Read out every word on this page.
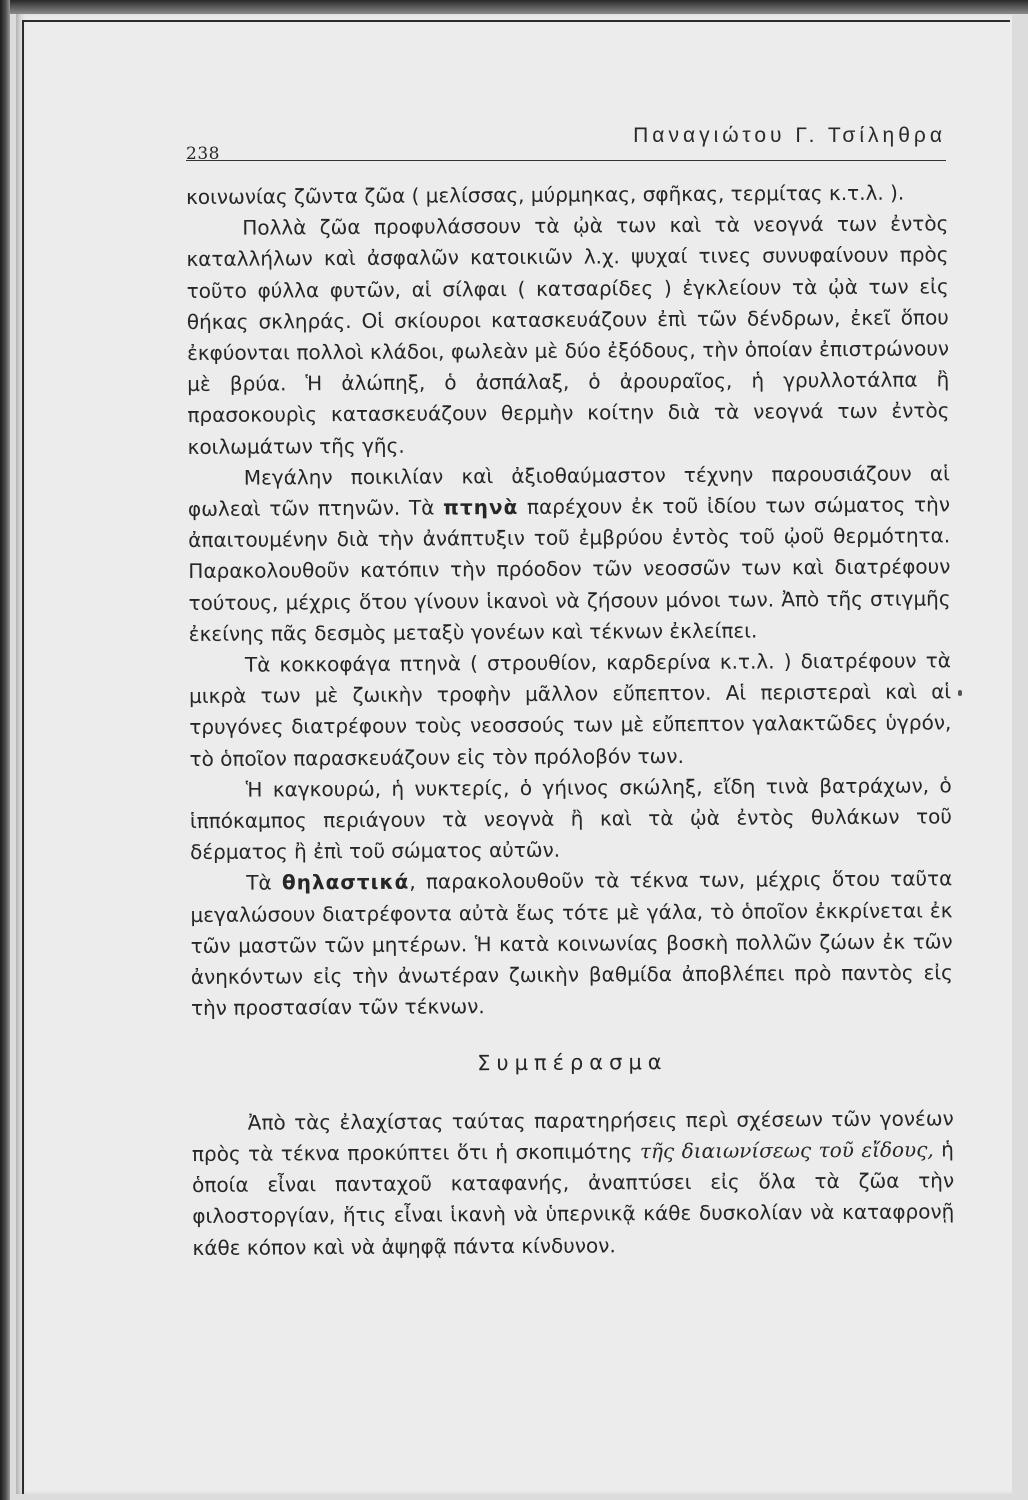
238
Παναγιώτου Γ. Τσίληθρα

κοινωνίας ζῶντα ζῶα ( μελίσσας, μύρμηκας, σφῆκας, τερμίτας κ.τ.λ. ).

Πολλὰ ζῶα προφυλάσσουν τὰ ᾠὰ των καὶ τὰ νεογνά των ἐντὸς καταλλήλων καὶ ἀσφαλῶν κατοικιῶν λ.χ. ψυχαί τινες συνυφαίνουν πρὸς τοῦτο φύλλα φυτῶν, αἱ σίλφαι ( κατσαρίδες ) ἐγκλείουν τὰ ᾠὰ των εἰς θήκας σκληράς. Οἱ σκίουροι κατασκευάζουν ἐπὶ τῶν δένδρων, ἐκεῖ ὅπου ἐκφύονται πολλοὶ κλάδοι, φωλεὰν μὲ δύο ἐξόδους, τὴν ὁποίαν ἐπιστρώνουν μὲ βρύα. Ἡ ἀλώπηξ, ὁ ἀσπάλαξ, ὁ ἀρουραῖος, ἡ γρυλλοτάλπα ἢ πρασοκουρὶς κατασκευάζουν θερμὴν κοίτην διὰ τὰ νεογνά των ἐντὸς κοιλωμάτων τῆς γῆς.

Μεγάλην ποικιλίαν καὶ ἀξιοθαύμαστον τέχνην παρουσιάζουν αἱ φωλεαὶ τῶν πτηνῶν. Τὰ πτηνὰ παρέχουν ἐκ τοῦ ἰδίου των σώματος τὴν ἀπαιτουμένην διὰ τὴν ἀνάπτυξιν τοῦ ἐμβρύου ἐντὸς τοῦ ᾠοῦ θερμότητα. Παρακολουθοῦν κατόπιν τὴν πρόοδον τῶν νεοσσῶν των καὶ διατρέφουν τούτους, μέχρις ὅτου γίνουν ἱκανοὶ νὰ ζήσουν μόνοι των. Ἀπὸ τῆς στιγμῆς ἐκείνης πᾶς δεσμὸς μεταξὺ γονέων καὶ τέκνων ἐκλείπει.

Τὰ κοκκοφάγα πτηνὰ ( στρουθίον, καρδερίνα κ.τ.λ. ) διατρέφουν τὰ μικρὰ των μὲ ζωικὴν τροφὴν μᾶλλον εὔπεπτον. Αἱ περιστεραὶ καὶ αἱ τρυγόνες διατρέφουν τοὺς νεοσσούς των μὲ εὔπεπτον γαλακτῶδες ὑγρόν, τὸ ὁποῖον παρασκευάζουν εἰς τὸν πρόλοβόν των.

Ἡ καγκουρώ, ἡ νυκτερίς, ὁ γήινος σκώληξ, εἴδη τινὰ βατράχων, ὁ ἱππόκαμπος περιάγουν τὰ νεογνὰ ἢ καὶ τὰ ᾠὰ ἐντὸς θυλάκων τοῦ δέρματος ἢ ἐπὶ τοῦ σώματος αὐτῶν.

Τὰ θηλαστικά, παρακολουθοῦν τὰ τέκνα των, μέχρις ὅτου ταῦτα μεγαλώσουν διατρέφοντα αὐτὰ ἕως τότε μὲ γάλα, τὸ ὁποῖον ἐκκρίνεται ἐκ τῶν μαστῶν τῶν μητέρων. Ἡ κατὰ κοινωνίας βοσκὴ πολλῶν ζώων ἐκ τῶν ἀνηκόντων εἰς τὴν ἀνωτέραν ζωικὴν βαθμίδα ἀποβλέπει πρὸ παντὸς εἰς τὴν προστασίαν τῶν τέκνων.

Συμπέρασμα

Ἀπὸ τὰς ἐλαχίστας ταύτας παρατηρήσεις περὶ σχέσεων τῶν γονέων πρὸς τὰ τέκνα προκύπτει ὅτι ἡ σκοπιμότης τῆς διαιωνίσεως τοῦ εἴδους, ἡ ὁποία εἶναι πανταχοῦ καταφανής, ἀναπτύσει εἰς ὅλα τὰ ζῶα τὴν φιλοστοργίαν, ἥτις εἶναι ἱκανὴ νὰ ὑπερνικᾷ κάθε δυσκολίαν νὰ καταφρονῇ κάθε κόπον καὶ νὰ ἀψηφᾷ πάντα κίνδυνον.
